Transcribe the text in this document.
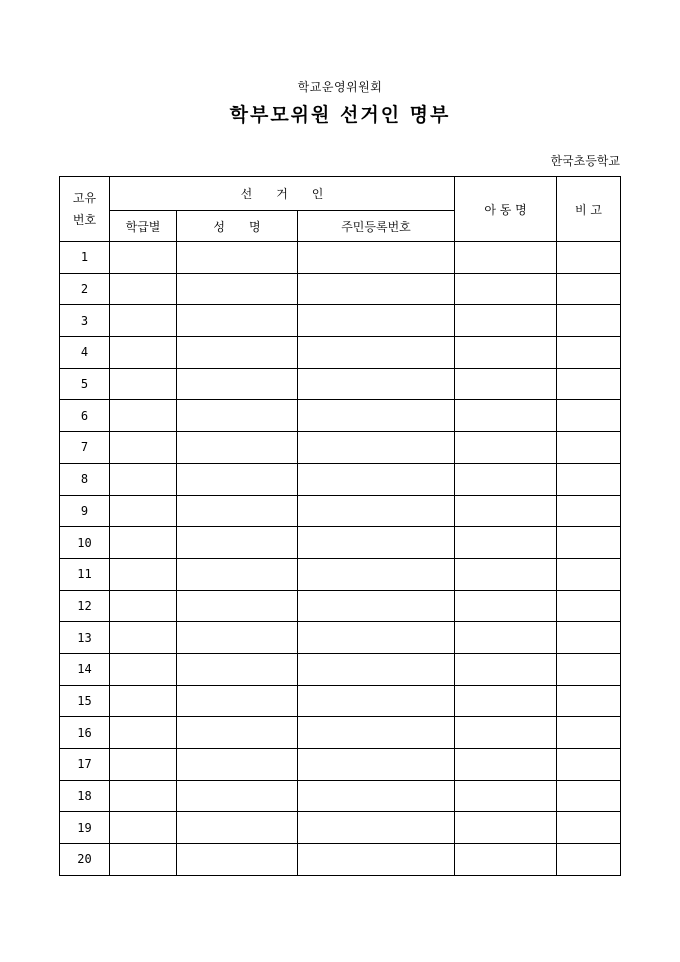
학교운영위원회
학부모위원 선거인 명부
한국초등학교
고유
번호	선　　거　　인			아 동 명	비 고
	학급별	성　　명	주민등록번호		
1					
2					
3					
4					
5					
6					
7					
8					
9					
10					
11					
12					
13					
14					
15					
16					
17					
18					
19					
20					
